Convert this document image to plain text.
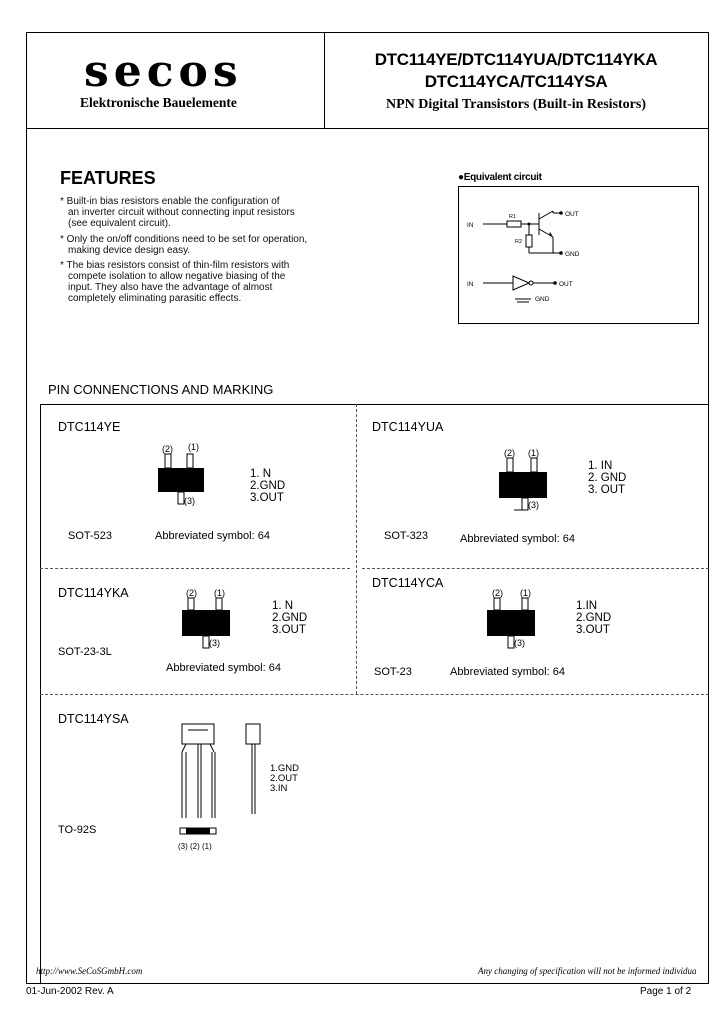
secos
Elektronische Bauelemente
DTC114YE/DTC114YUA/DTC114YKA
DTC114YCA/TC114YSA
NPN Digital Transistors (Built-in Resistors)
FEATURES
* Built-in bias resistors enable the configuration of
an inverter circuit without connecting input resistors
(see equivalent circuit).
* Only the on/off conditions need to be set for operation,
making device design easy.
* The bias resistors consist of thin-film resistors with
compete isolation to allow negative biasing of the
input. They also have the advantage of almost
completely eliminating parasitic effects.
●Equivalent circuit
IN
R1
R2
OUT
GND
IN	OUT
GND
PIN CONNENCTIONS AND MARKING
DTC114YE
(2) (1)
(3)
1. N
2.GND
3.OUT
SOT-523	Abbreviated symbol: 64
DTC114YUA
(2) (1)
(3)
1. IN
2. GND
3. OUT
SOT-323	Abbreviated symbol: 64
DTC114YKA	(2) (1)
(3)
1. N
2.GND
3.OUT
SOT-23-3L
Abbreviated symbol: 64
DTC114YCA
(2) (1)
(3)
1.IN
2.GND
3.OUT
SOT-23	Abbreviated symbol: 64
DTC114YSA
(3) (2) (1)
1.GND
2.OUT
3.IN
TO-92S
http://www.SeCoSGmbH.com	Any changing of specification will not be informed individua
01-Jun-2002 Rev. A	Page 1 of 2
